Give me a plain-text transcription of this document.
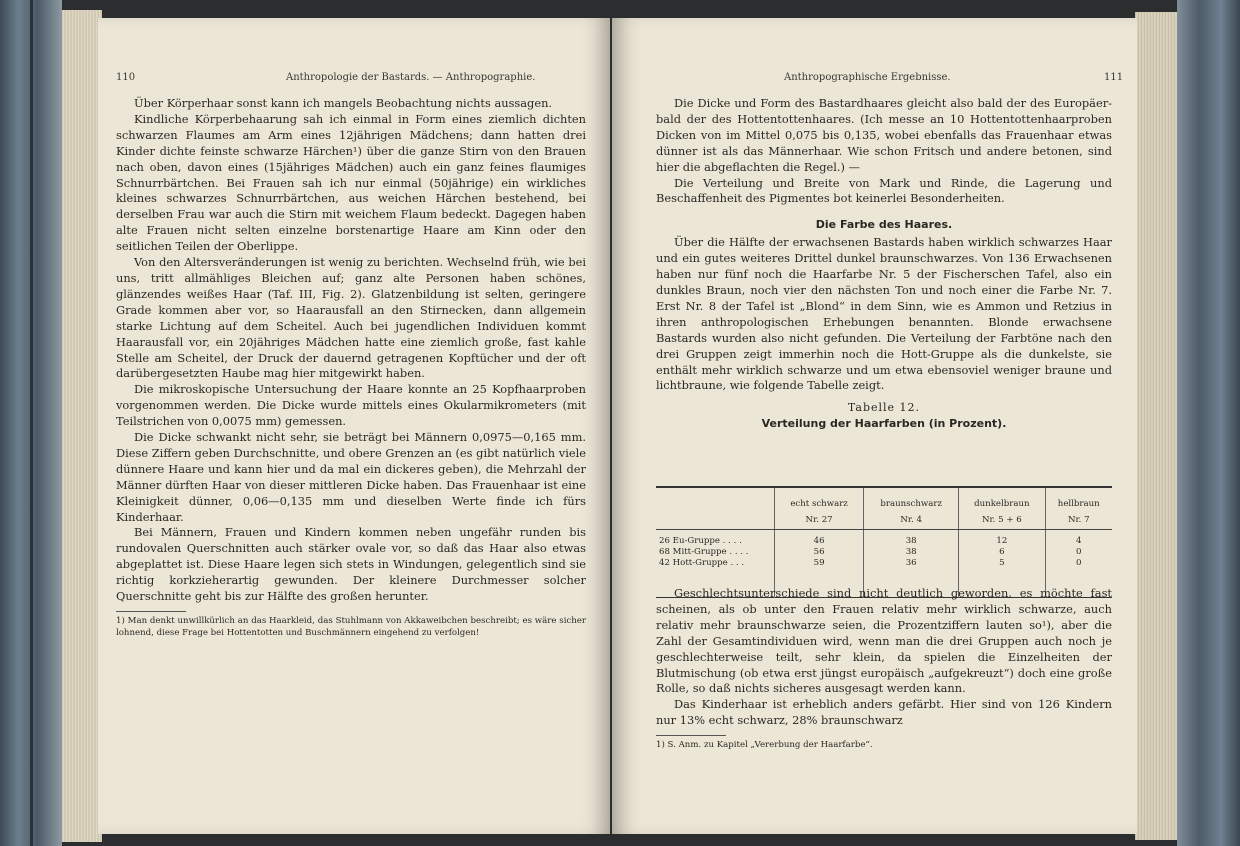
110	Anthropologie der Bastards. — Anthropographie.

Über Körperhaar sonst kann ich mangels Beobachtung nichts aussagen.

Kindliche Körperbehaarung sah ich einmal in Form eines ziemlich dichten schwarzen Flaumes am Arm eines 12jährigen Mädchens; dann hatten drei Kinder dichte feinste schwarze Härchen¹) über die ganze Stirn von den Brauen nach oben, davon eines (15jähriges Mädchen) auch ein ganz feines flaumiges Schnurrbärtchen. Bei Frauen sah ich nur einmal (50jährige) ein wirkliches kleines schwarzes Schnurrbärtchen, aus weichen Härchen bestehend, bei derselben Frau war auch die Stirn mit weichem Flaum bedeckt. Dagegen haben alte Frauen nicht selten einzelne borstenartige Haare am Kinn oder den seitlichen Teilen der Oberlippe.

Von den Altersveränderungen ist wenig zu berichten. Wechselnd früh, wie bei uns, tritt allmähliges Bleichen auf; ganz alte Personen haben schönes, glänzendes weißes Haar (Taf. III, Fig. 2). Glatzenbildung ist selten, geringere Grade kommen aber vor, so Haarausfall an den Stirnecken, dann allgemein starke Lichtung auf dem Scheitel. Auch bei jugendlichen Individuen kommt Haarausfall vor, ein 20jähriges Mädchen hatte eine ziemlich große, fast kahle Stelle am Scheitel, der Druck der dauernd getragenen Kopftücher und der oft darübergesetzten Haube mag hier mitgewirkt haben.

Die mikroskopische Untersuchung der Haare konnte an 25 Kopfhaarproben vorgenommen werden. Die Dicke wurde mittels eines Okularmikrometers (mit Teilstrichen von 0,0075 mm) gemessen.

Die Dicke schwankt nicht sehr, sie beträgt bei Männern 0,0975—0,165 mm. Diese Ziffern geben Durchschnitte, und obere Grenzen an (es gibt natürlich viele dünnere Haare und kann hier und da mal ein dickeres geben), die Mehrzahl der Männer dürften Haar von dieser mittleren Dicke haben. Das Frauenhaar ist eine Kleinigkeit dünner, 0,06—0,135 mm und dieselben Werte finde ich fürs Kinderhaar.

Bei Männern, Frauen und Kindern kommen neben ungefähr runden bis rundovalen Querschnitten auch stärker ovale vor, so daß das Haar also etwas abgeplattet ist. Diese Haare legen sich stets in Windungen, gelegentlich sind sie richtig korkzieherartig gewunden. Der kleinere Durchmesser solcher Querschnitte geht bis zur Hälfte des großen herunter.

1) Man denkt unwillkürlich an das Haarkleid, das Stuhlmann von Akkaweibchen beschreibt; es wäre sicher lohnend, diese Frage bei Hottentotten und Buschmännern eingehend zu verfolgen!
Anthropographische Ergebnisse.	111

Die Dicke und Form des Bastardhaares gleicht also bald der des Europäer- bald der des Hottentottenhaares. (Ich messe an 10 Hottentottenhaarproben Dicken von im Mittel 0,075 bis 0,135, wobei ebenfalls das Frauenhaar etwas dünner ist als das Männerhaar. Wie schon Fritsch und andere betonen, sind hier die abgeflachten die Regel.) —

Die Verteilung und Breite von Mark und Rinde, die Lagerung und Beschaffenheit des Pigmentes bot keinerlei Besonderheiten.

Die Farbe des Haares.

Über die Hälfte der erwachsenen Bastards haben wirklich schwarzes Haar und ein gutes weiteres Drittel dunkel braunschwarzes. Von 136 Erwachsenen haben nur fünf noch die Haarfarbe Nr. 5 der Fischerschen Tafel, also ein dunkles Braun, noch vier den nächsten Ton und noch einer die Farbe Nr. 7. Erst Nr. 8 der Tafel ist „Blond“ in dem Sinn, wie es Ammon und Retzius in ihren anthropologischen Erhebungen benannten. Blonde erwachsene Bastards wurden also nicht gefunden. Die Verteilung der Farbtöne nach den drei Gruppen zeigt immerhin noch die Hott-Gruppe als die dunkelste, sie enthält mehr wirklich schwarze und um etwa ebensoviel weniger braune und lichtbraune, wie folgende Tabelle zeigt.

Tabelle 12.
Verteilung der Haarfarben (in Prozent).
	echt schwarz	braunschwarz	dunkelbraun	hellbraun
	Nr. 27	Nr. 4	Nr. 5 + 6	Nr. 7
26 Eu-Gruppe . . . .	46	38	12	4
68 Mitt-Gruppe . . . .	56	38	6	0
42 Hott-Gruppe . . .	59	36	5	0

Geschlechtsunterschiede sind nicht deutlich geworden, es möchte fast scheinen, als ob unter den Frauen relativ mehr wirklich schwarze, auch relativ mehr braunschwarze seien, die Prozentziffern lauten so¹), aber die Zahl der Gesamtindividuen wird, wenn man die drei Gruppen auch noch je geschlechterweise teilt, sehr klein, da spielen die Einzelheiten der Blutmischung (ob etwa erst jüngst europäisch „aufgekreuzt“) doch eine große Rolle, so daß nichts sicheres ausgesagt werden kann.

Das Kinderhaar ist erheblich anders gefärbt. Hier sind von 126 Kindern nur 13% echt schwarz, 28% braunschwarz

1) S. Anm. zu Kapitel „Vererbung der Haarfarbe“.
